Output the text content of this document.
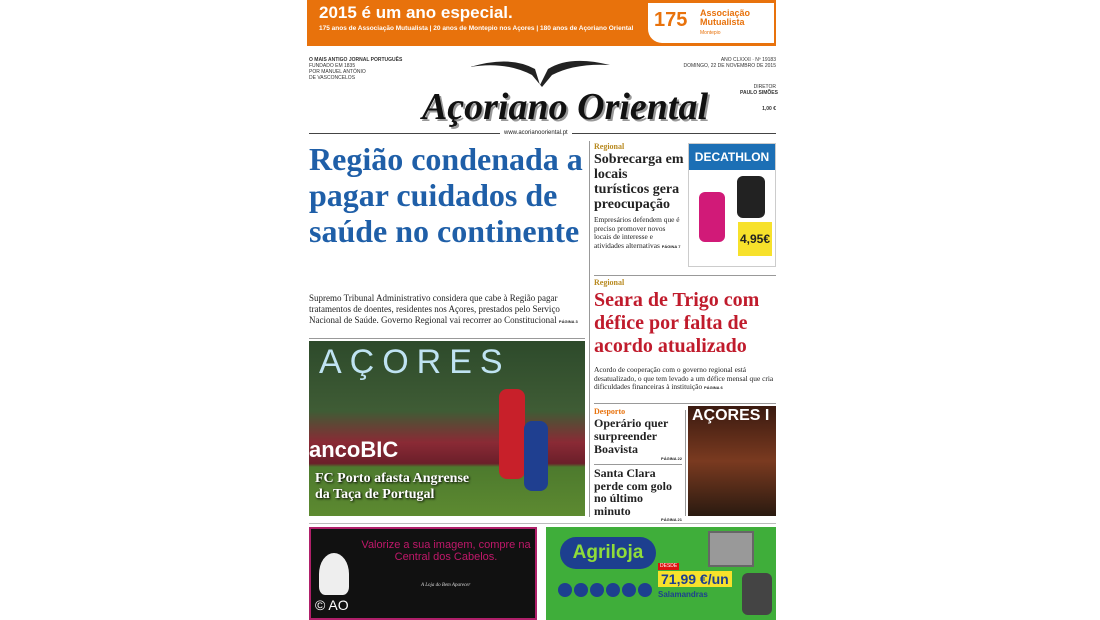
2015 é um ano especial.
175 anos de Associação Mutualista | 20 anos de Montepio nos Açores | 180 anos de Açoriano Oriental	175 Associação Mutualista
Montepio
O MAIS ANTIGO JORNAL PORTUGUÊS
FUNDADO EM 1835
POR MANUEL ANTÓNIO
DE VASCONCELOS
Açoriano Oriental
ANO CLXXXI · Nº 19183
DOMINGO, 22 DE NOVEMBRO DE 2015
DIRETOR
PAULO SIMÕES
1,00 €
www.acorianooriental.pt
Região condenada a pagar cuidados de saúde no continente
Supremo Tribunal Administrativo considera que cabe à Região pagar tratamentos de doentes, residentes nos Açores, prestados pelo Serviço Nacional de Saúde. Governo Regional vai recorrer ao Constitucional PÁGINA 3
AÇORES
ancoBIC
FC Porto afasta Angrense da Taça de Portugal
Regional
Sobrecarga em locais turísticos gera preocupação
Empresários defendem que é preciso promover novos locais de interesse e atividades alternativas PÁGINA 7
DECATHLON
4,95€
Regional
Seara de Trigo com défice por falta de acordo atualizado
Acordo de cooperação com o governo regional está desatualizado, o que tem levado a um défice mensal que cria dificuldades financeiras à instituição PÁGINA 6
Desporto
Operário quer surpreender Boavista
PÁGINA 22
Santa Clara perde com golo no último minuto
PÁGINA 21
AÇORES I
Valorize a sua imagem, compre na Central dos Cabelos.
A Loja do Bem Aparecer
© AO
Agriloja
DESDE
71,99 €/un
Salamandras
